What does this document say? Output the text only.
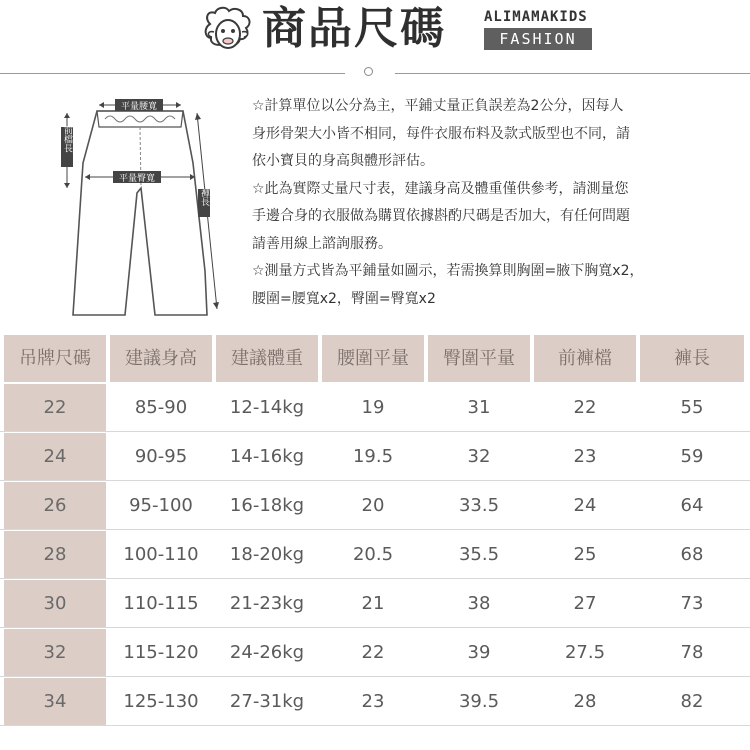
商品尺碼	ALIMAMAKIDS
FASHION
平量腰寬
平量臀寬
前檔長
褲長
☆計算單位以公分為主，平鋪丈量正負誤差為2公分，因每人
身形骨架大小皆不相同，每件衣服布料及款式版型也不同，請
依小寶貝的身高與體形評估。
☆此為實際丈量尺寸表，建議身高及體重僅供參考，請測量您
手邊合身的衣服做為購買依據斟酌尺碼是否加大，有任何問題
請善用線上諮詢服務。
☆測量方式皆為平鋪量如圖示，若需換算則胸圍=腋下胸寬x2，
腰圍=腰寬x2，臀圍=臀寬x2
吊牌尺碼	建議身高	建議體重	腰圍平量	臀圍平量	前褲檔	褲長
22	85-90	12-14kg	19	31	22	55
24	90-95	14-16kg	19.5	32	23	59
26	95-100	16-18kg	20	33.5	24	64
28	100-110	18-20kg	20.5	35.5	25	68
30	110-115	21-23kg	21	38	27	73
32	115-120	24-26kg	22	39	27.5	78
34	125-130	27-31kg	23	39.5	28	82
